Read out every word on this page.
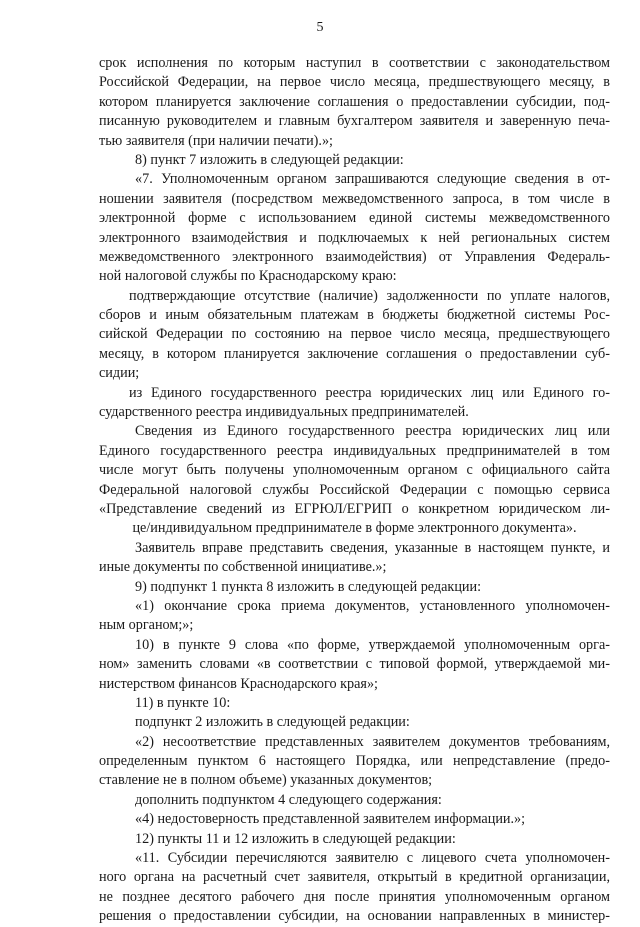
5
срок исполнения по которым наступил в соответствии с законодательством
Российской Федерации, на первое число месяца, предшествующего месяцу, в
котором планируется заключение соглашения о предоставлении субсидии, под-
писанную руководителем и главным бухгалтером заявителя и заверенную печа-
тью заявителя (при наличии печати).»;
8) пункт 7 изложить в следующей редакции:
«7. Уполномоченным органом запрашиваются следующие сведения в от-
ношении заявителя (посредством межведомственного запроса, в том числе в
электронной форме с использованием единой системы межведомственного
электронного взаимодействия и подключаемых к ней региональных систем
межведомственного электронного взаимодействия) от Управления Федераль-
ной налоговой службы по Краснодарскому краю:
подтверждающие отсутствие (наличие) задолженности по уплате налогов,
сборов и иным обязательным платежам в бюджеты бюджетной системы Рос-
сийской Федерации по состоянию на первое число месяца, предшествующего
месяцу, в котором планируется заключение соглашения о предоставлении суб-
сидии;
из Единого государственного реестра юридических лиц или Единого го-
сударственного реестра индивидуальных предпринимателей.
Сведения из Единого государственного реестра юридических лиц или
Единого государственного реестра индивидуальных предпринимателей в том
числе могут быть получены уполномоченным органом с официального сайта
Федеральной налоговой службы Российской Федерации с помощью сервиса
«Представление сведений из ЕГРЮЛ/ЕГРИП о конкретном юридическом ли-
це/индивидуальном предпринимателе в форме электронного документа».
Заявитель вправе представить сведения, указанные в настоящем пункте, и
иные документы по собственной инициативе.»;
9) подпункт 1 пункта 8 изложить в следующей редакции:
«1) окончание срока приема документов, установленного уполномочен-
ным органом;»;
10) в пункте 9 слова «по форме, утверждаемой уполномоченным орга-
ном» заменить словами «в соответствии с типовой формой, утверждаемой ми-
нистерством финансов Краснодарского края»;
11) в пункте 10:
подпункт 2 изложить в следующей редакции:
«2) несоответствие представленных заявителем документов требованиям,
определенным пунктом 6 настоящего Порядка, или непредставление (предо-
ставление не в полном объеме) указанных документов;
дополнить подпунктом 4 следующего содержания:
«4) недостоверность представленной заявителем информации.»;
12) пункты 11 и 12 изложить в следующей редакции:
«11. Субсидии перечисляются заявителю с лицевого счета уполномочен-
ного органа на расчетный счет заявителя, открытый в кредитной организации,
не позднее десятого рабочего дня после принятия уполномоченным органом
решения о предоставлении субсидии, на основании направленных в министер-
